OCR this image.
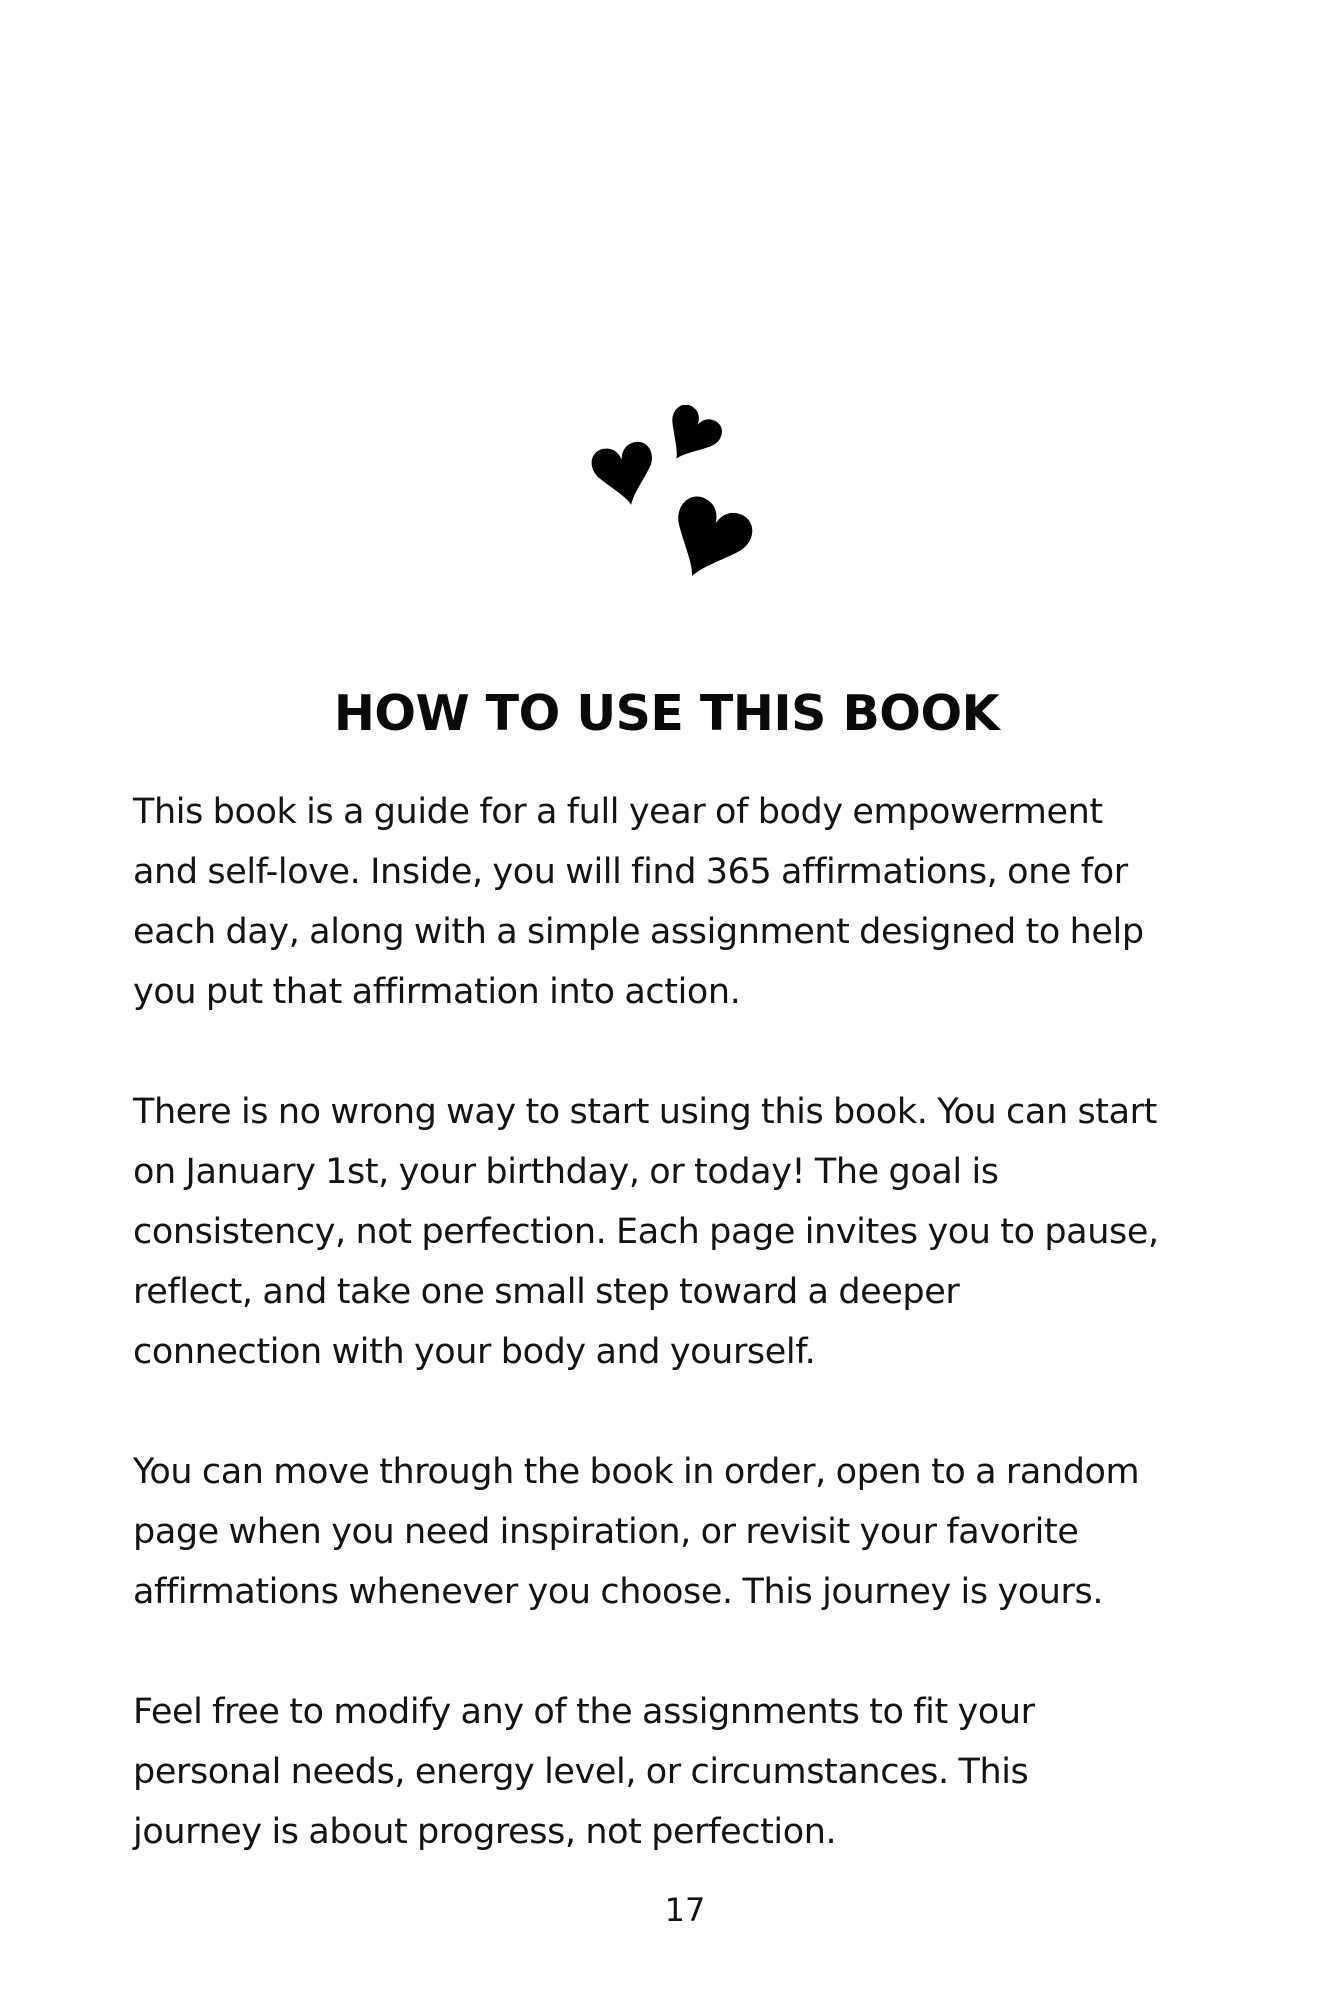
HOW TO USE THIS BOOK

This book is a guide for a full year of body empowerment
and self-love. Inside, you will find 365 affirmations, one for
each day, along with a simple assignment designed to help
you put that affirmation into action.

There is no wrong way to start using this book. You can start
on January 1st, your birthday, or today! The goal is
consistency, not perfection. Each page invites you to pause,
reflect, and take one small step toward a deeper
connection with your body and yourself.

You can move through the book in order, open to a random
page when you need inspiration, or revisit your favorite
affirmations whenever you choose. This journey is yours.

Feel free to modify any of the assignments to fit your
personal needs, energy level, or circumstances. This
journey is about progress, not perfection.

17
